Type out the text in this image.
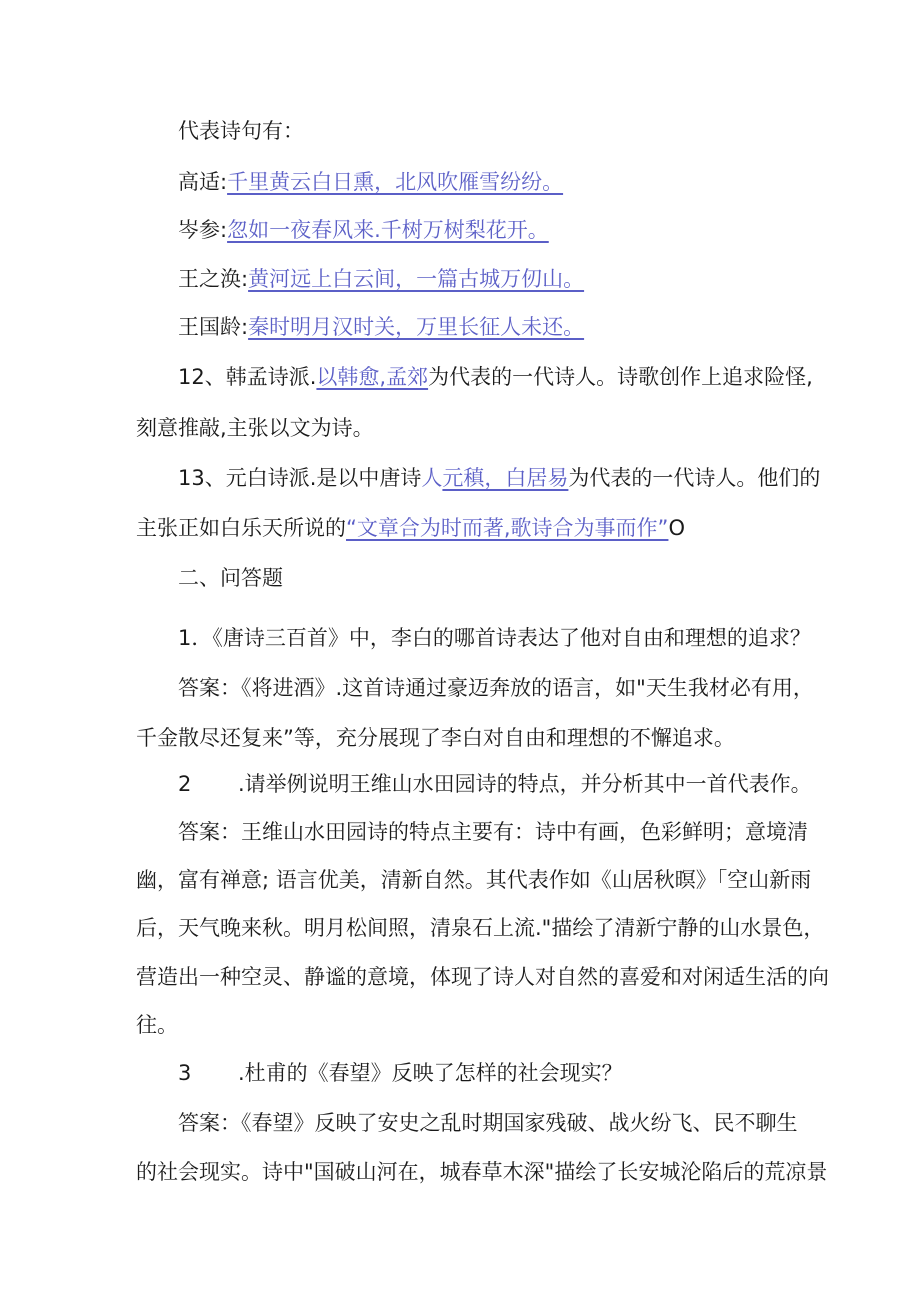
代表诗句有：
高适:千里黄云白日熏，北风吹雁雪纷纷。
岑参:忽如一夜春风来.千树万树梨花开。
王之涣:黄河远上白云间，一篇古城万仞山。
王国龄:秦时明月汉时关，万里长征人未还。
12、韩孟诗派.以韩愈,孟郊为代表的一代诗人。诗歌创作上追求险怪,
刻意推敲,主张以文为诗。
13、元白诗派.是以中唐诗人元稹，白居易为代表的一代诗人。他们的
主张正如白乐天所说的“文章合为时而著,歌诗合为事而作”O
二、问答题
1．《唐诗三百首》中，李白的哪首诗表达了他对自由和理想的追求？
答案：《将进酒》.这首诗通过豪迈奔放的语言，如"天生我材必有用，
千金散尽还复来”等，充分展现了李白对自由和理想的不懈追求。
2 .请举例说明王维山水田园诗的特点，并分析其中一首代表作。
答案：王维山水田园诗的特点主要有：诗中有画，色彩鲜明；意境清
幽，富有禅意; 语言优美，清新自然。其代表作如《山居秋暝》「空山新雨
后，天气晚来秋。明月松间照，清泉石上流."描绘了清新宁静的山水景色，
营造出一种空灵、静谧的意境，体现了诗人对自然的喜爱和对闲适生活的向
往。
3 .杜甫的《春望》反映了怎样的社会现实？
答案：《春望》反映了安史之乱时期国家残破、战火纷飞、民不聊生
的社会现实。诗中"国破山河在，城春草木深"描绘了长安城沦陷后的荒凉景
